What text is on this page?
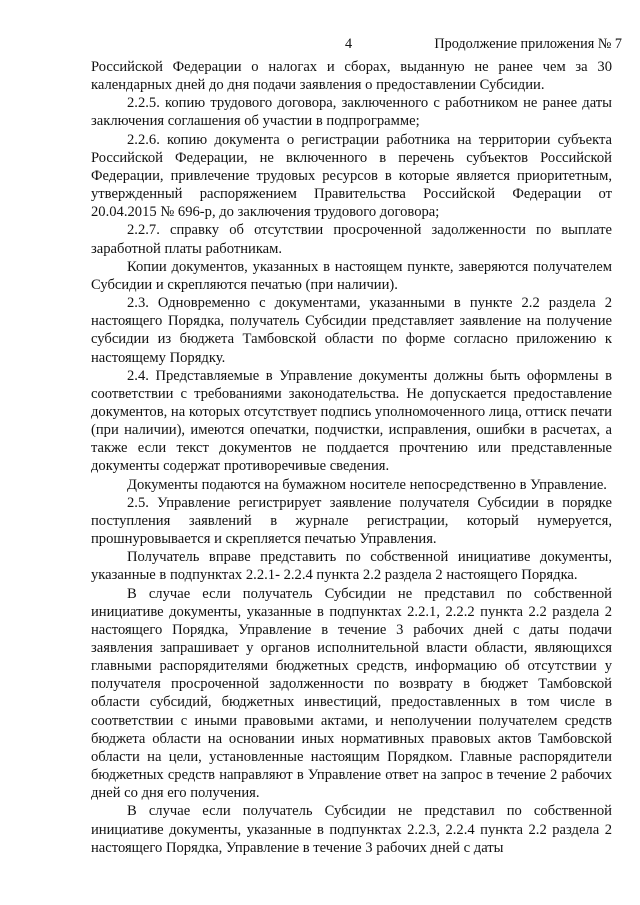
4	Продолжение приложения № 7

Российской Федерации о налогах и сборах, выданную не ранее чем за 30 календарных дней до дня подачи заявления о предоставлении Субсидии.

2.2.5. копию трудового договора, заключенного с работником не ранее даты заключения соглашения об участии в подпрограмме;

2.2.6. копию документа о регистрации работника на территории субъекта Российской Федерации, не включенного в перечень субъектов Российской Федерации, привлечение трудовых ресурсов в которые является приоритетным, утвержденный распоряжением Правительства Российской Федерации от 20.04.2015 № 696-р, до заключения трудового договора;

2.2.7. справку об отсутствии просроченной задолженности по выплате заработной платы работникам.

Копии документов, указанных в настоящем пункте, заверяются получателем Субсидии и скрепляются печатью (при наличии).

2.3. Одновременно с документами, указанными в пункте 2.2 раздела 2 настоящего Порядка, получатель Субсидии представляет заявление на получение субсидии из бюджета Тамбовской области по форме согласно приложению к настоящему Порядку.

2.4. Представляемые в Управление документы должны быть оформлены в соответствии с требованиями законодательства. Не допускается предоставление документов, на которых отсутствует подпись уполномоченного лица, оттиск печати (при наличии), имеются опечатки, подчистки, исправления, ошибки в расчетах, а также если текст документов не поддается прочтению или представленные документы содержат противоречивые сведения.

Документы подаются на бумажном носителе непосредственно в Управление.

2.5. Управление регистрирует заявление получателя Субсидии в порядке поступления заявлений в журнале регистрации, который нумеруется, прошнуровывается и скрепляется печатью Управления.

Получатель вправе представить по собственной инициативе документы, указанные в подпунктах 2.2.1- 2.2.4 пункта 2.2 раздела 2 настоящего Порядка.

В случае если получатель Субсидии не представил по собственной инициативе документы, указанные в подпунктах 2.2.1, 2.2.2 пункта 2.2 раздела 2 настоящего Порядка, Управление в течение 3 рабочих дней с даты подачи заявления запрашивает у органов исполнительной власти области, являющихся главными распорядителями бюджетных средств, информацию об отсутствии у получателя просроченной задолженности по возврату в бюджет Тамбовской области субсидий, бюджетных инвестиций, предоставленных в том числе в соответствии с иными правовыми актами, и неполучении получателем средств бюджета области на основании иных нормативных правовых актов Тамбовской области на цели, установленные настоящим Порядком. Главные распорядители бюджетных средств направляют в Управление ответ на запрос в течение 2 рабочих дней со дня его получения.

В случае если получатель Субсидии не представил по собственной инициативе документы, указанные в подпунктах 2.2.3, 2.2.4 пункта 2.2 раздела 2 настоящего Порядка, Управление в течение 3 рабочих дней с даты
